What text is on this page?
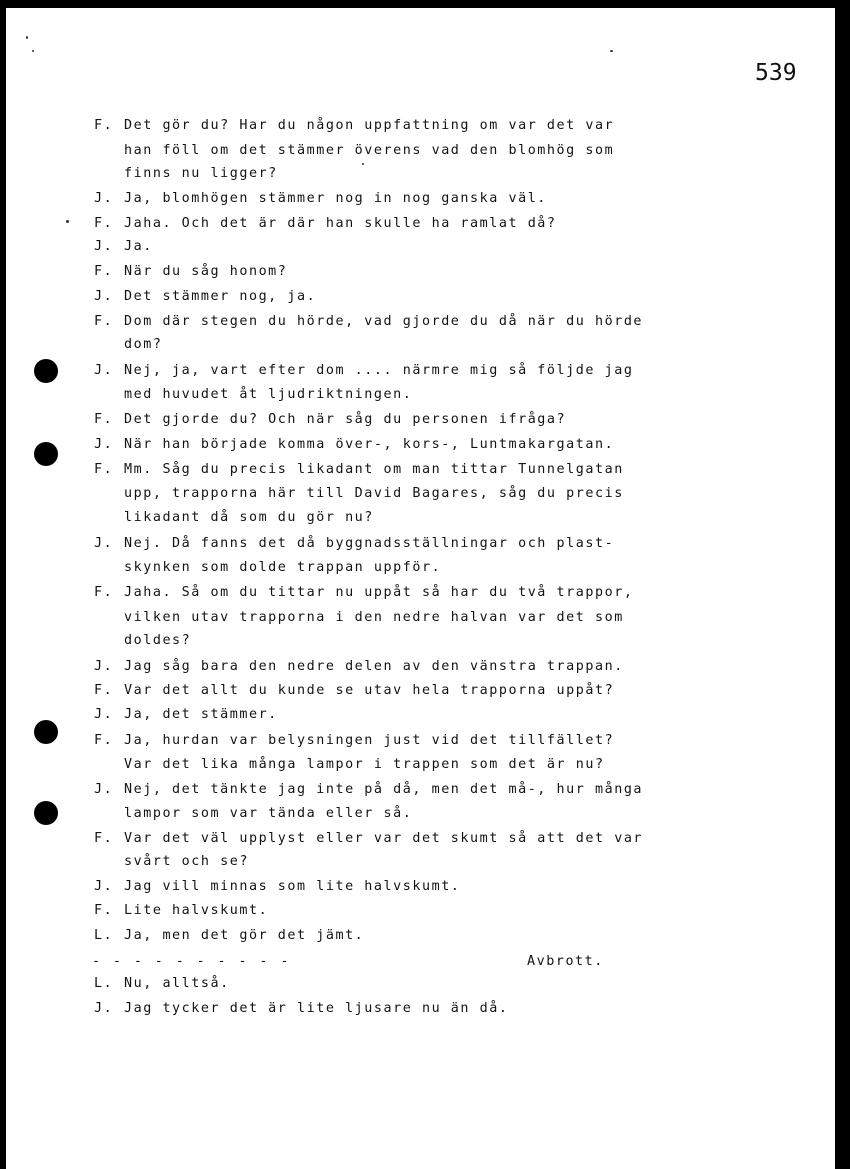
539
F. Det gör du? Har du någon uppfattning om var det var
han föll om det stämmer överens vad den blomhög som
finns nu ligger?
J. Ja, blomhögen stämmer nog in nog ganska väl.
F. Jaha. Och det är där han skulle ha ramlat då?
J. Ja.
F. När du såg honom?
J. Det stämmer nog, ja.
F. Dom där stegen du hörde, vad gjorde du då när du hörde
dom?
J. Nej, ja, vart efter dom .... närmre mig så följde jag
med huvudet åt ljudriktningen.
F. Det gjorde du? Och när såg du personen ifråga?
J. När han började komma över-, kors-, Luntmakargatan.
F. Mm. Såg du precis likadant om man tittar Tunnelgatan
upp, trapporna här till David Bagares, såg du precis
likadant då som du gör nu?
J. Nej. Då fanns det då byggnadsställningar och plast-
skynken som dolde trappan uppför.
F. Jaha. Så om du tittar nu uppåt så har du två trappor,
vilken utav trapporna i den nedre halvan var det som
doldes?
J. Jag såg bara den nedre delen av den vänstra trappan.
F. Var det allt du kunde se utav hela trapporna uppåt?
J. Ja, det stämmer.
F. Ja, hurdan var belysningen just vid det tillfället?
Var det lika många lampor i trappen som det är nu?
J. Nej, det tänkte jag inte på då, men det må-, hur många
lampor som var tända eller så.
F. Var det väl upplyst eller var det skumt så att det var
svårt och se?
J. Jag vill minnas som lite halvskumt.
F. Lite halvskumt.
L. Ja, men det gör det jämt.
- - - - - - - - - -	Avbrott.
L. Nu, alltså.
J. Jag tycker det är lite ljusare nu än då.
